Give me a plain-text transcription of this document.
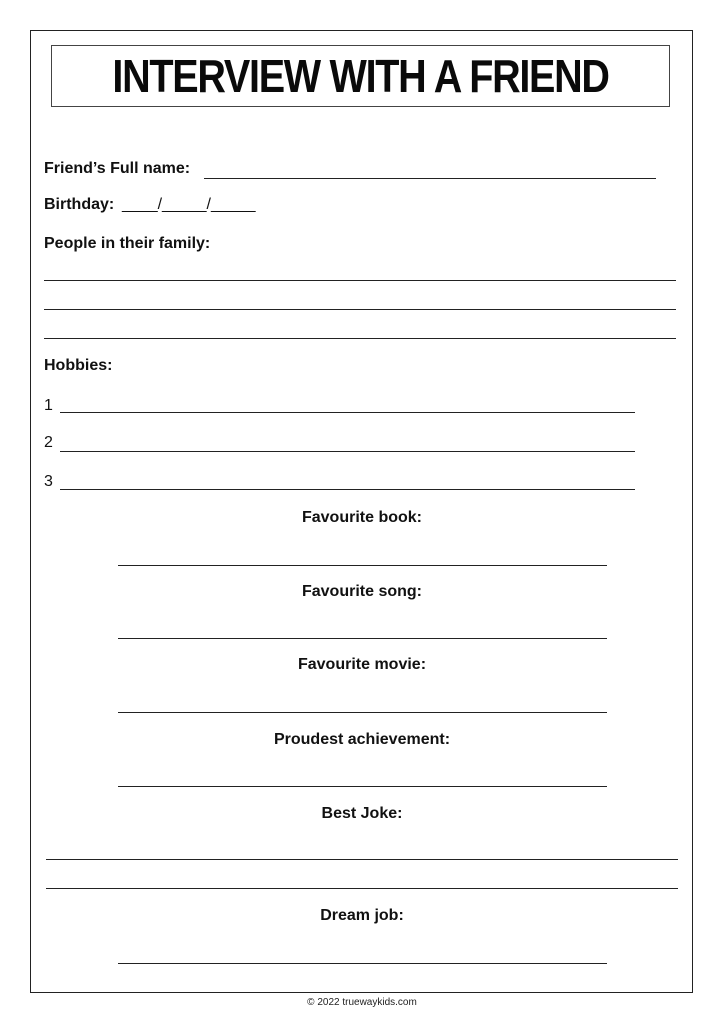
INTERVIEW WITH A FRIEND
Friend’s Full name:
Birthday: ____/_____/_____
People in their family:
Hobbies:
1
2
3
Favourite book:
Favourite song:
Favourite movie:
Proudest achievement:
Best Joke:
Dream job:
© 2022 truewaykids.com
